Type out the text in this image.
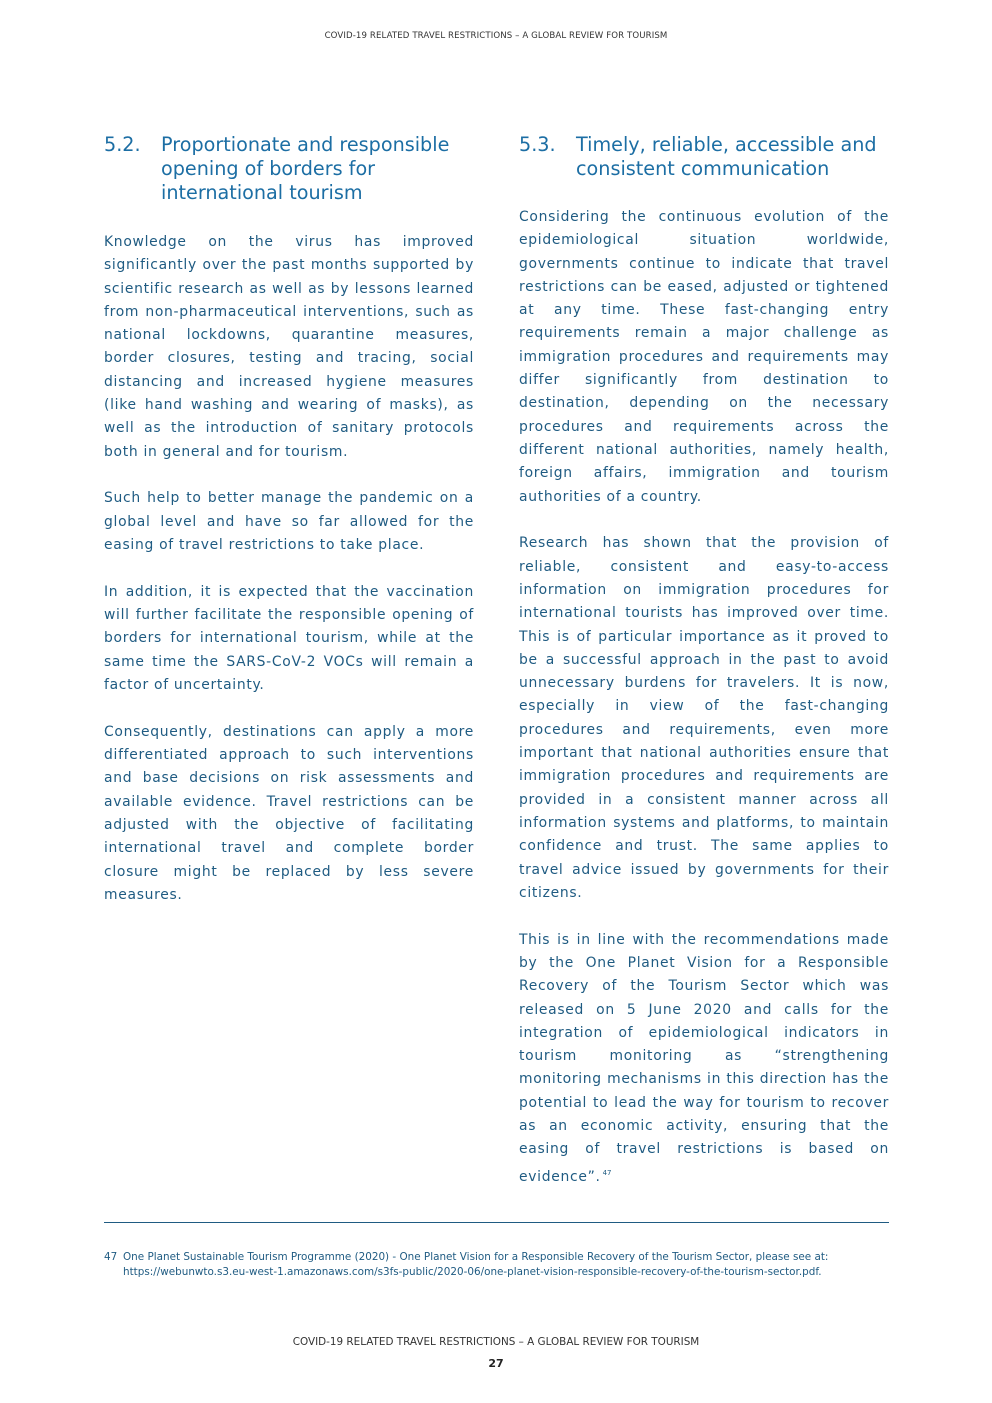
COVID-19 RELATED TRAVEL RESTRICTIONS – A GLOBAL REVIEW FOR TOURISM
5.2.	Proportionate and responsible opening of borders for international tourism

Knowledge on the virus has improved significantly over the past months supported by scientific research as well as by lessons learned from non-pharmaceutical interventions, such as national lockdowns, quarantine measures, border closures, testing and tracing, social distancing and increased hygiene measures (like hand washing and wearing of masks), as well as the introduction of sanitary protocols both in general and for tourism.

Such help to better manage the pandemic on a global level and have so far allowed for the easing of travel restrictions to take place.

In addition, it is expected that the vaccination will further facilitate the responsible opening of borders for international tourism, while at the same time the SARS-CoV-2 VOCs will remain a factor of uncertainty.

Consequently, destinations can apply a more differentiated approach to such interventions and base decisions on risk assessments and available evidence. Travel restrictions can be adjusted with the objective of facilitating international travel and complete border closure might be replaced by less severe measures.

5.3.	Timely, reliable, accessible and consistent communication

Considering the continuous evolution of the epidemiological situation worldwide, governments continue to indicate that travel restrictions can be eased, adjusted or tightened at any time. These fast-changing entry requirements remain a major challenge as immigration procedures and requirements may differ significantly from destination to destination, depending on the necessary procedures and requirements across the different national authorities, namely health, foreign affairs, immigration and tourism authorities of a country.

Research has shown that the provision of reliable, consistent and easy-to-access information on immigration procedures for international tourists has improved over time. This is of particular importance as it proved to be a successful approach in the past to avoid unnecessary burdens for travelers. It is now, especially in view of the fast-changing procedures and requirements, even more important that national authorities ensure that immigration procedures and requirements are provided in a consistent manner across all information systems and platforms, to maintain confidence and trust. The same applies to travel advice issued by governments for their citizens.

This is in line with the recommendations made by the One Planet Vision for a Responsible Recovery of the Tourism Sector which was released on 5 June 2020 and calls for the integration of epidemiological indicators in tourism monitoring as “strengthening monitoring mechanisms in this direction has the potential to lead the way for tourism to recover as an economic activity, ensuring that the easing of travel restrictions is based on evidence”. $^{47}$

47 One Planet Sustainable Tourism Programme (2020) - One Planet Vision for a Responsible Recovery of the Tourism Sector, please see at: https://webunwto.s3.eu-west-1.amazonaws.com/s3fs-public/2020-06/one-planet-vision-responsible-recovery-of-the-tourism-sector.pdf.
COVID-19 RELATED TRAVEL RESTRICTIONS – A GLOBAL REVIEW FOR TOURISM
27
